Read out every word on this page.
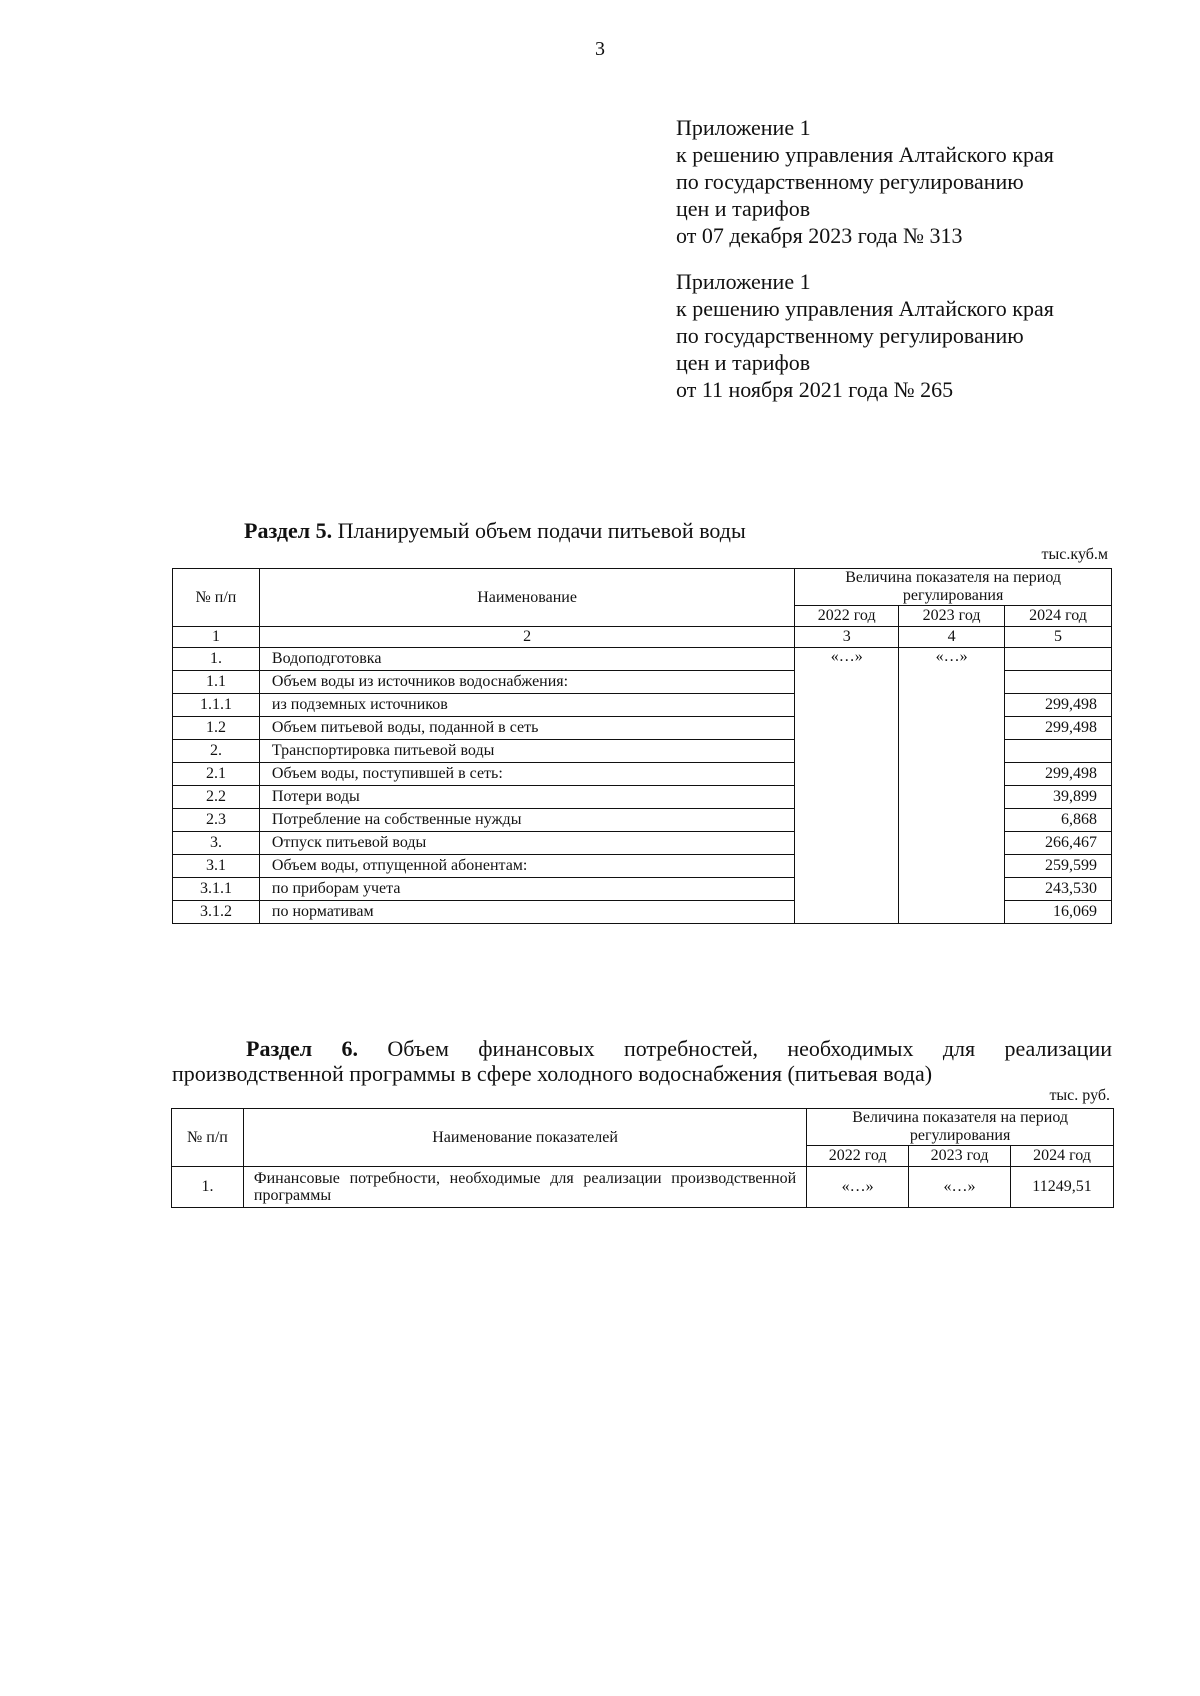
3
Приложение 1
к решению управления Алтайского края
по государственному регулированию
цен и тарифов
от 07 декабря 2023 года № 313
Приложение 1
к решению управления Алтайского края
по государственному регулированию
цен и тарифов
от 11 ноября 2021 года № 265
Раздел 5. Планируемый объем подачи питьевой воды
тыс.куб.м
№ п/п	Наименование	Величина показателя на период регулирования		
		2022 год	2023 год	2024 год
1	2	3	4	5
1.	Водоподготовка	«…»	«…»	
1.1	Объем воды из источников водоснабжения:			
1.1.1	из подземных источников			299,498
1.2	Объем питьевой воды, поданной в сеть			299,498
2.	Транспортировка питьевой воды			
2.1	Объем воды, поступившей в сеть:			299,498
2.2	Потери воды			39,899
2.3	Потребление на собственные нужды			6,868
3.	Отпуск питьевой воды			266,467
3.1	Объем воды, отпущенной абонентам:			259,599
3.1.1	по приборам учета			243,530
3.1.2	по нормативам			16,069
Раздел 6. Объем финансовых потребностей, необходимых для реализации производственной программы в сфере холодного водоснабжения (питьевая вода)
тыс. руб.
№ п/п	Наименование показателей	Величина показателя на период регулирования		
		2022 год	2023 год	2024 год
1.	Финансовые потребности, необходимые для реализации производственной программы	«…»	«…»	11249,51
